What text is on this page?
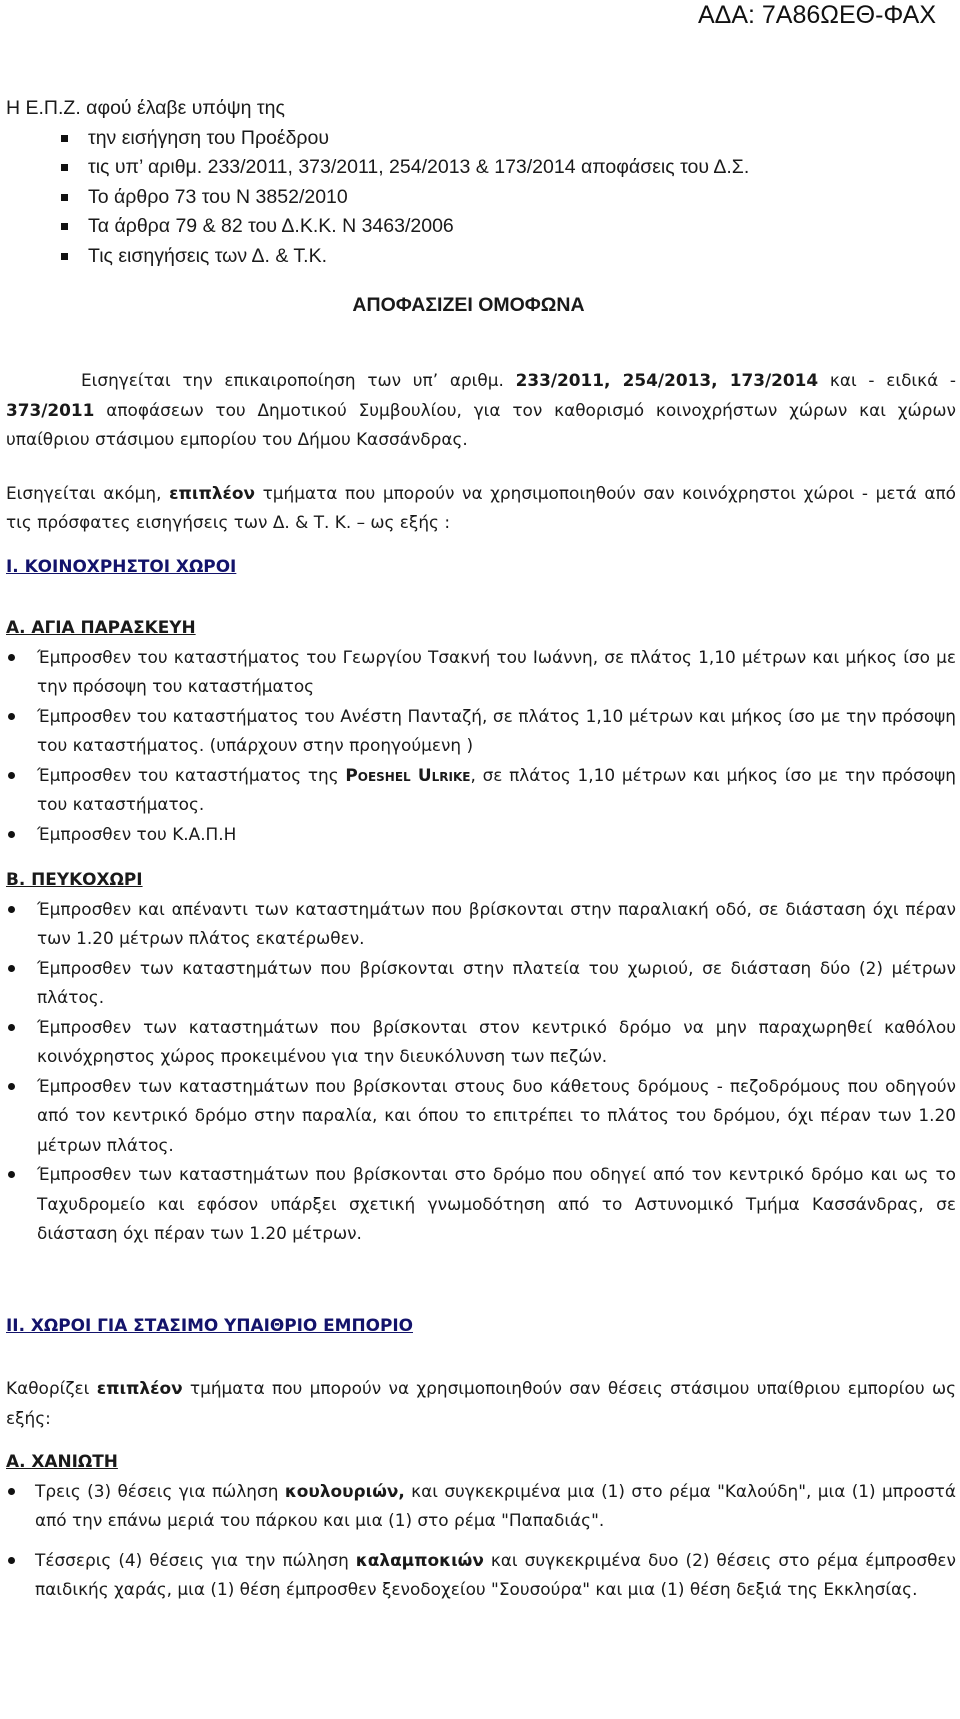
ΑΔΑ: 7Α86ΩΕΘ-ΦΑΧ

Η Ε.Π.Ζ. αφού έλαβε υπόψη της

την εισήγηση του Προέδρου
τις υπ’ αριθμ. 233/2011, 373/2011, 254/2013 & 173/2014 αποφάσεις του Δ.Σ.
Το άρθρο 73 του Ν 3852/2010
Τα άρθρα 79 & 82 του Δ.Κ.Κ. Ν 3463/2006
Τις εισηγήσεις των Δ. & Τ.Κ.

ΑΠΟΦΑΣΙΖΕΙ ΟΜΟΦΩΝΑ

Εισηγείται την επικαιροποίηση των υπ’ αριθμ. 233/2011, 254/2013, 173/2014 και - ειδικά - 373/2011 αποφάσεων του Δημοτικού Συμβουλίου, για τον καθορισμό κοινοχρήστων χώρων και χώρων υπαίθριου στάσιμου εμπορίου του Δήμου Κασσάνδρας.

Εισηγείται ακόμη, επιπλέον τμήματα που μπορούν να χρησιμοποιηθούν σαν κοινόχρηστοι χώροι - μετά από τις πρόσφατες εισηγήσεις των Δ. & Τ. Κ. – ως εξής :

Ι. ΚΟΙΝΟΧΡΗΣΤΟΙ ΧΩΡΟΙ

Α. ΑΓΙΑ ΠΑΡΑΣΚΕΥΗ

Έμπροσθεν του καταστήματος του Γεωργίου Τσακνή του Ιωάννη, σε πλάτος 1,10 μέτρων και μήκος ίσο με την πρόσοψη του καταστήματος
Έμπροσθεν του καταστήματος του Ανέστη Πανταζή, σε πλάτος 1,10 μέτρων και μήκος ίσο με την πρόσοψη του καταστήματος. (υπάρχουν στην προηγούμενη )
Έμπροσθεν του καταστήματος της Poeshel Ulrike, σε πλάτος 1,10 μέτρων και μήκος ίσο με την πρόσοψη του καταστήματος.
Έμπροσθεν του Κ.Α.Π.Η

Β. ΠΕΥΚΟΧΩΡΙ

Έμπροσθεν και απέναντι των καταστημάτων που βρίσκονται στην παραλιακή οδό, σε διάσταση όχι πέραν των 1.20 μέτρων πλάτος εκατέρωθεν.
Έμπροσθεν των καταστημάτων που βρίσκονται στην πλατεία του χωριού, σε διάσταση δύο (2) μέτρων πλάτος.
Έμπροσθεν των καταστημάτων που βρίσκονται στον κεντρικό δρόμο να μην παραχωρηθεί καθόλου κοινόχρηστος χώρος προκειμένου για την διευκόλυνση των πεζών.
Έμπροσθεν των καταστημάτων που βρίσκονται στους δυο κάθετους δρόμους - πεζοδρόμους που οδηγούν από τον κεντρικό δρόμο στην παραλία, και όπου το επιτρέπει το πλάτος του δρόμου, όχι πέραν των 1.20 μέτρων πλάτος.
Έμπροσθεν των καταστημάτων που βρίσκονται στο δρόμο που οδηγεί από τον κεντρικό δρόμο και ως το Ταχυδρομείο και εφόσον υπάρξει σχετική γνωμοδότηση από το Αστυνομικό Τμήμα Κασσάνδρας, σε διάσταση όχι πέραν των 1.20 μέτρων.

ΙΙ. ΧΩΡΟΙ ΓΙΑ ΣΤΑΣΙΜΟ ΥΠΑΙΘΡΙΟ ΕΜΠΟΡΙΟ

Καθορίζει επιπλέον τμήματα που μπορούν να χρησιμοποιηθούν σαν θέσεις στάσιμου υπαίθριου εμπορίου ως εξής:

Α. ΧΑΝΙΩΤΗ

Τρεις (3) θέσεις για πώληση κουλουριών, και συγκεκριμένα μια (1) στο ρέμα "Καλούδη", μια (1) μπροστά από την επάνω μεριά του πάρκου και μια (1) στο ρέμα "Παπαδιάς".
Τέσσερις (4) θέσεις για την πώληση καλαμποκιών και συγκεκριμένα δυο (2) θέσεις στο ρέμα έμπροσθεν παιδικής χαράς, μια (1) θέση έμπροσθεν ξενοδοχείου "Σουσούρα" και μια (1) θέση δεξιά της Εκκλησίας.
